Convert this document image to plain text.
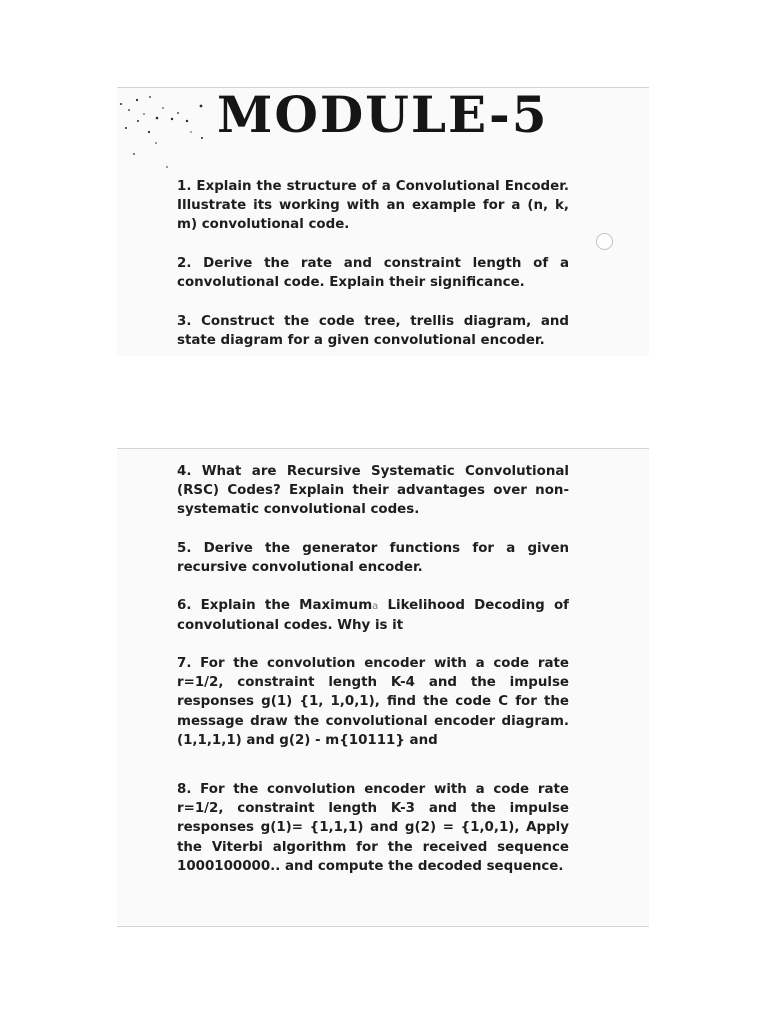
MODULE-5

1. Explain the structure of a Convolutional Encoder. Illustrate its working with an example for a (n, k, m) convolutional code.

2. Derive the rate and constraint length of a convolutional code. Explain their significance.

3. Construct the code tree, trellis diagram, and state diagram for a given convolutional encoder.

4. What are Recursive Systematic Convolutional (RSC) Codes? Explain their advantages over non-systematic convolutional codes.

5. Derive the generator functions for a given recursive convolutional encoder.

6. Explain the Maximuma Likelihood Decoding of convolutional codes. Why is it

7. For the convolution encoder with a code rate r=1/2, constraint length K-4 and the impulse responses g(1) {1, 1,0,1), find the code C for the message draw the convolutional encoder diagram. (1,1,1,1) and g(2) - m{10111} and

8. For the convolution encoder with a code rate r=1/2, constraint length K-3 and the impulse responses g(1)= {1,1,1) and g(2) = {1,0,1), Apply the Viterbi algorithm for the received sequence 1000100000.. and compute the decoded sequence.
